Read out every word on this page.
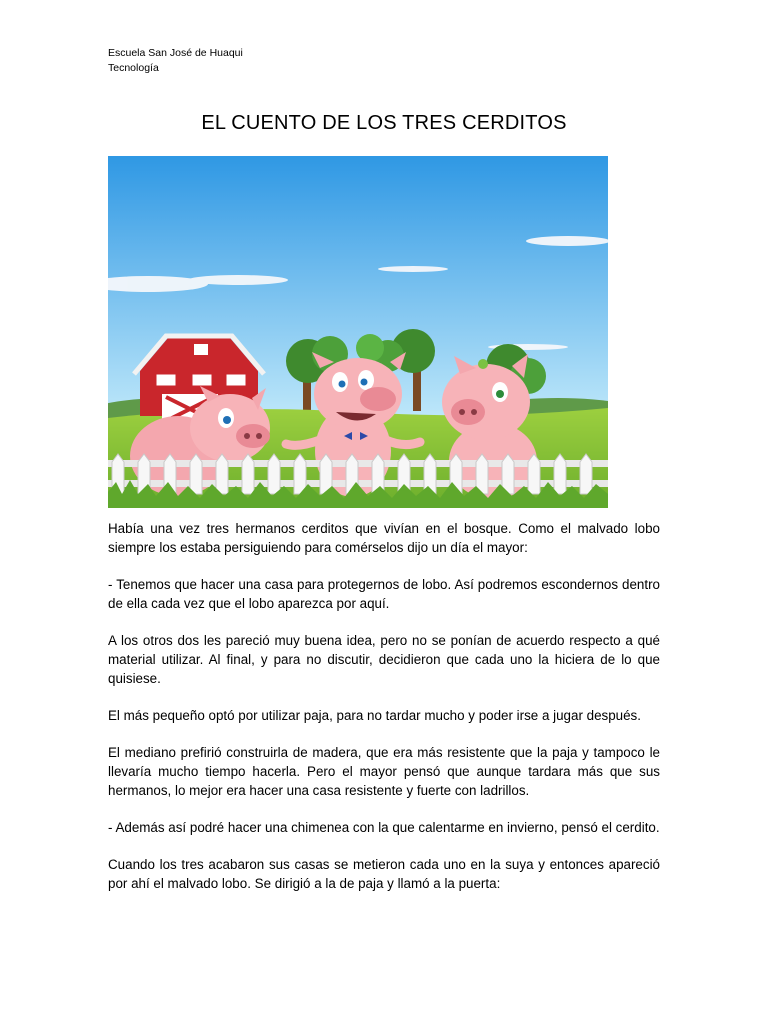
Escuela San José de Huaqui
Tecnología
EL CUENTO DE LOS TRES CERDITOS

Había una vez tres hermanos cerditos que vivían en el bosque. Como el malvado lobo siempre los estaba persiguiendo para comérselos dijo un día el mayor:

- Tenemos que hacer una casa para protegernos de lobo. Así podremos escondernos dentro de ella cada vez que el lobo aparezca por aquí.

A los otros dos les pareció muy buena idea, pero no se ponían de acuerdo respecto a qué material utilizar. Al final, y para no discutir, decidieron que cada uno la hiciera de lo que quisiese.

El más pequeño optó por utilizar paja, para no tardar mucho y poder irse a jugar después.

El mediano prefirió construirla de madera, que era más resistente que la paja y tampoco le llevaría mucho tiempo hacerla. Pero el mayor pensó que aunque tardara más que sus hermanos, lo mejor era hacer una casa resistente y fuerte con ladrillos.

- Además así podré hacer una chimenea con la que calentarme en invierno, pensó el cerdito.

Cuando los tres acabaron sus casas se metieron cada uno en la suya y entonces apareció por ahí el malvado lobo. Se dirigió a la de paja y llamó a la puerta:
